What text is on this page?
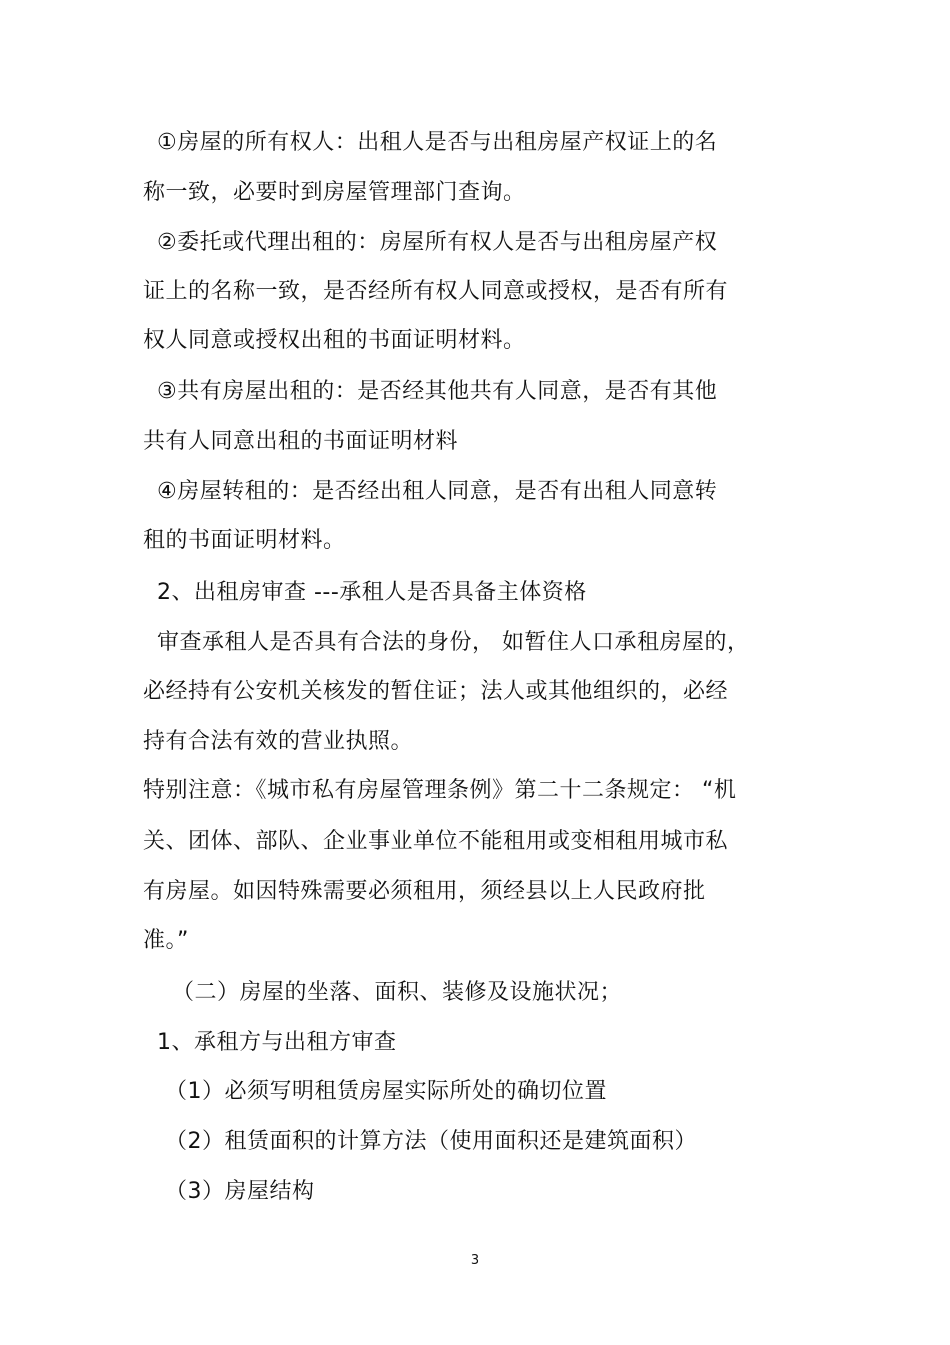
①房屋的所有权人：出租人是否与出租房屋产权证上的名
称一致，必要时到房屋管理部门查询。
②委托或代理出租的：房屋所有权人是否与出租房屋产权
证上的名称一致，是否经所有权人同意或授权，是否有所有
权人同意或授权出租的书面证明材料。
③共有房屋出租的：是否经其他共有人同意，是否有其他
共有人同意出租的书面证明材料
④房屋转租的：是否经出租人同意，是否有出租人同意转
租的书面证明材料。
2、出租房审查 ---承租人是否具备主体资格
审查承租人是否具有合法的身份， 如暂住人口承租房屋的，
必经持有公安机关核发的暂住证；法人或其他组织的，必经
持有合法有效的营业执照。
特别注意：《城市私有房屋管理条例》第二十二条规定： “机
关、团体、部队、企业事业单位不能租用或变相租用城市私
有房屋。如因特殊需要必须租用，须经县以上人民政府批
准。”
（二）房屋的坐落、面积、装修及设施状况；
1、承租方与出租方审查
（1）必须写明租赁房屋实际所处的确切位置
（2）租赁面积的计算方法（使用面积还是建筑面积）
（3）房屋结构
3
